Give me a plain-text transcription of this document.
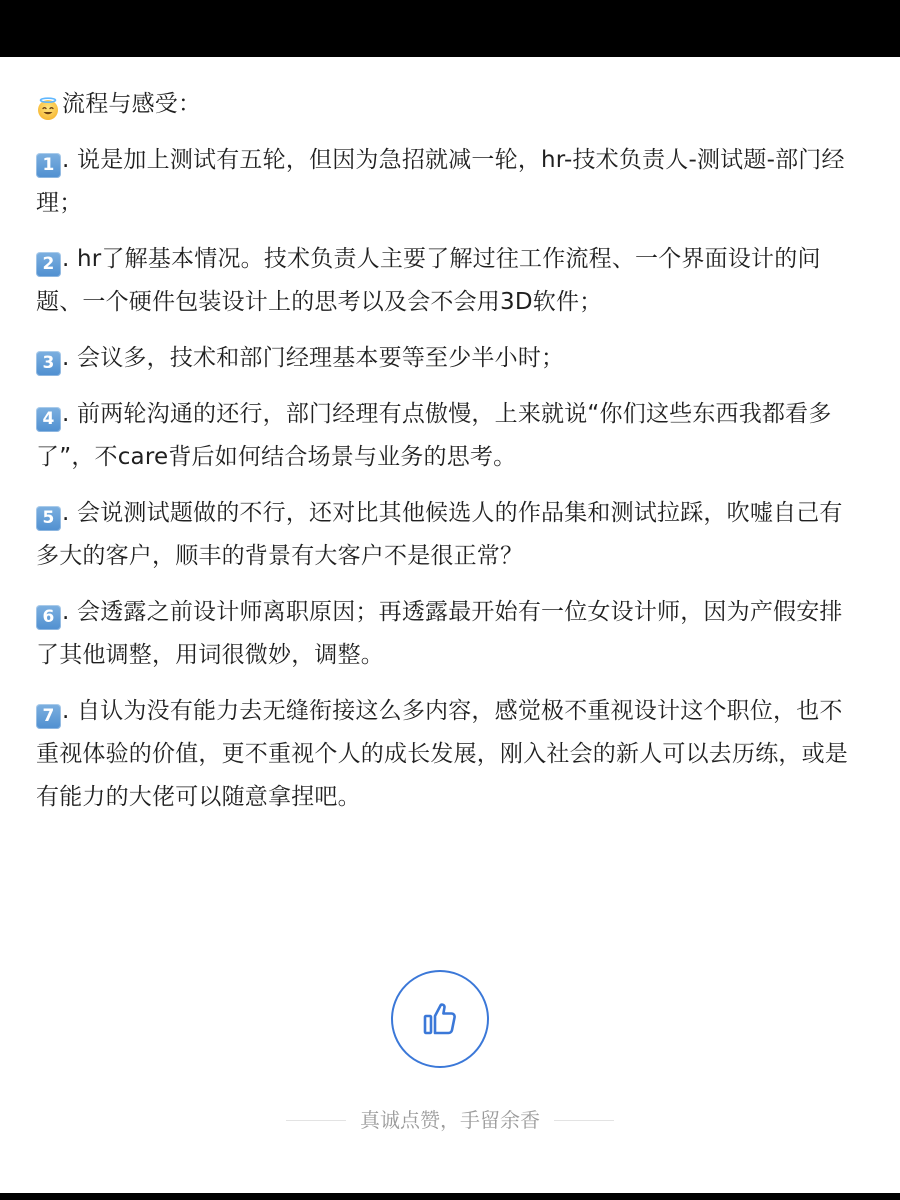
流程与感受：

1 . 说是加上测试有五轮，但因为急招就减一轮，hr-技术负责人-测试题-部门经理；

2 . hr了解基本情况。技术负责人主要了解过往工作流程、一个界面设计的问题、一个硬件包装设计上的思考以及会不会用3D软件；

3 . 会议多，技术和部门经理基本要等至少半小时；

4 . 前两轮沟通的还行，部门经理有点傲慢，上来就说“你们这些东西我都看多了”，不care背后如何结合场景与业务的思考。

5 . 会说测试题做的不行，还对比其他候选人的作品集和测试拉踩，吹嘘自己有多大的客户，顺丰的背景有大客户不是很正常？

6 . 会透露之前设计师离职原因；再透露最开始有一位女设计师，因为产假安排了其他调整，用词很微妙，调整。

7 . 自认为没有能力去无缝衔接这么多内容，感觉极不重视设计这个职位，也不重视体验的价值，更不重视个人的成长发展，刚入社会的新人可以去历练，或是有能力的大佬可以随意拿捏吧。

真诚点赞，手留余香
